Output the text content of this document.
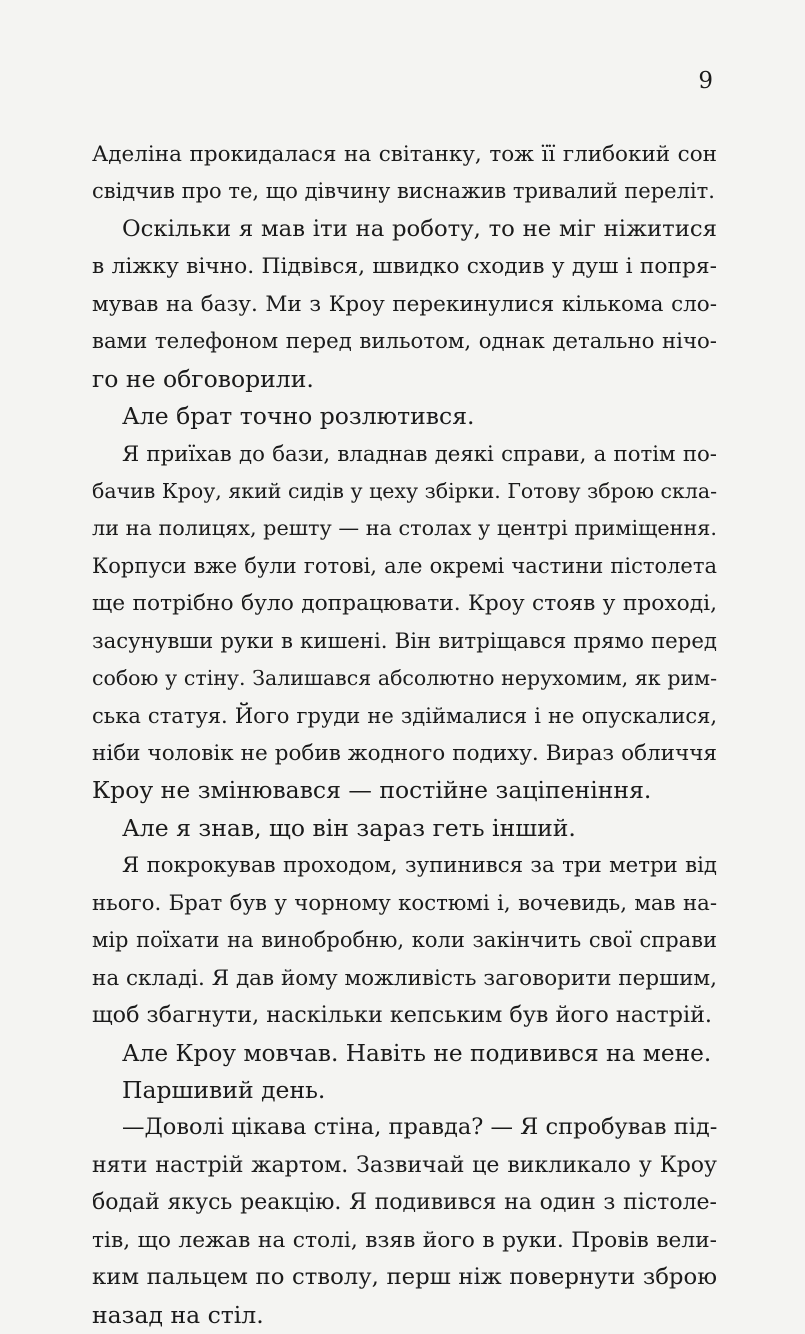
9
Аделіна прокидалася на світанку, тож її глибокий сон
свідчив про те, що дівчину виснажив тривалий переліт.
Оскільки я мав іти на роботу, то не міг ніжитися
в ліжку вічно. Підвівся, швидко сходив у душ і попря-
мував на базу. Ми з Кроу перекинулися кількома сло-
вами телефоном перед вильотом, однак детально нічо-
го не обговорили.
Але брат точно розлютився.
Я приїхав до бази, владнав деякі справи, а потім по-
бачив Кроу, який сидів у цеху збірки. Готову зброю скла-
ли на полицях, решту — на столах у центрі приміщення.
Корпуси вже були готові, але окремі частини пістолета
ще потрібно було допрацювати. Кроу стояв у проході,
засунувши руки в кишені. Він витріщався прямо перед
собою у стіну. Залишався абсолютно нерухомим, як рим-
ська статуя. Його груди не здіймалися і не опускалися,
ніби чоловік не робив жодного подиху. Вираз обличчя
Кроу не змінювався — постійне заціпеніння.
Але я знав, що він зараз геть інший.
Я покрокував проходом, зупинився за три метри від
нього. Брат був у чорному костюмі і, вочевидь, мав на-
мір поїхати на винобробню, коли закінчить свої справи
на складі. Я дав йому можливість заговорити першим,
щоб збагнути, наскільки кепським був його настрій.
Але Кроу мовчав. Навіть не подивився на мене.
Паршивий день.
—Доволі цікава стіна, правда? — Я спробував під-
няти настрій жартом. Зазвичай це викликало у Кроу
бодай якусь реакцію. Я подивився на один з пістоле-
тів, що лежав на столі, взяв його в руки. Провів вели-
ким пальцем по стволу, перш ніж повернути зброю
назад на стіл.
